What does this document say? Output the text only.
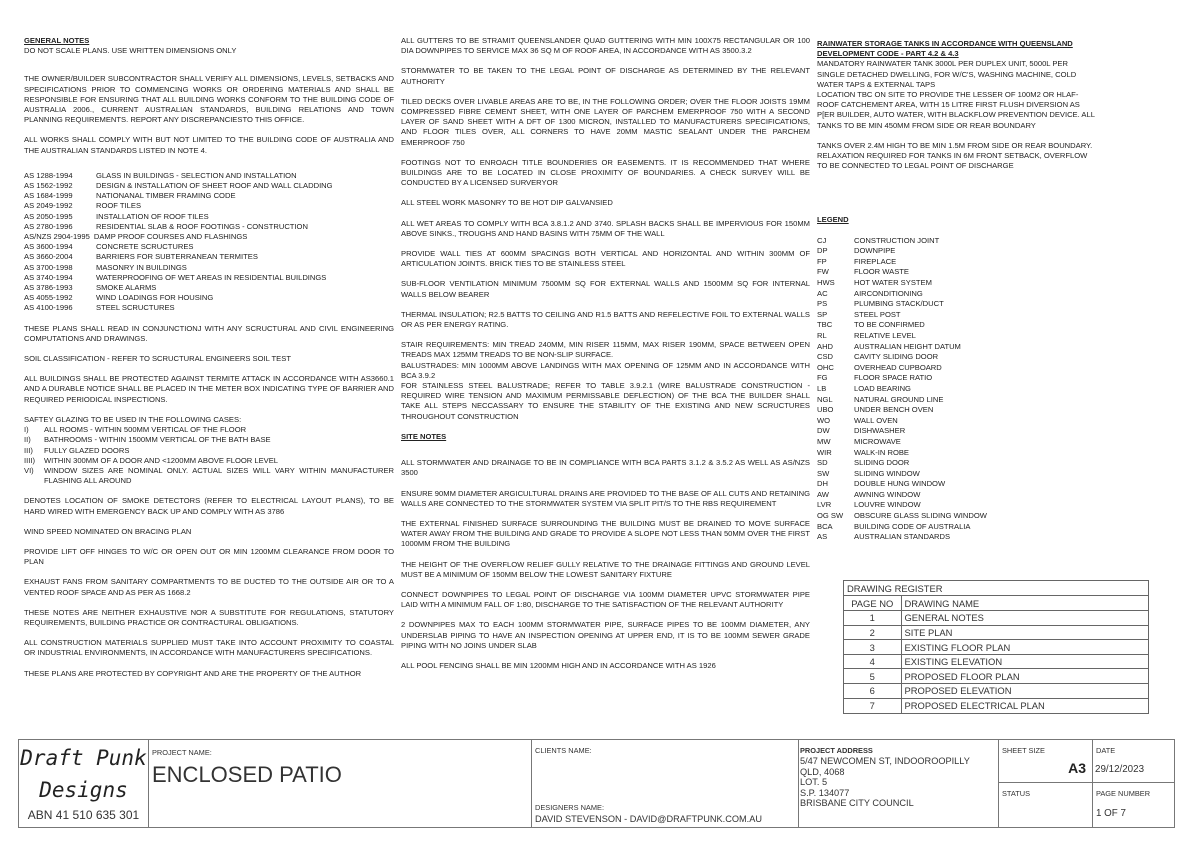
GENERAL NOTES
DO NOT SCALE PLANS. USE WRITTEN DIMENSIONS ONLY
THE OWNER/BUILDER SUBCONTRACTOR SHALL VERIFY ALL DIMENSIONS, LEVELS, SETBACKS AND SPECIFICATIONS PRIOR TO COMMENCING WORKS OR ORDERING MATERIALS AND SHALL BE RESPONSIBLE FOR ENSURING THAT ALL BUILDING WORKS CONFORM TO THE BUILDING CODE OF AUSTRALIA 2006., CURRENT AUSTRALIAN STANDARDS, BUILDING RELATIONS AND TOWN PLANNING REQUIREMENTS. REPORT ANY DISCREPANCIESTO THIS OFFICE.
ALL WORKS SHALL COMPLY WITH BUT NOT LIMITED TO THE BUILDING CODE OF AUSTRALIA AND THE AUSTRALIAN STANDARDS LISTED IN NOTE 4.
AS 1288-1994	GLASS IN BUILDINGS - SELECTION AND INSTALLATION
AS 1562-1992	DESIGN & INSTALLATION OF SHEET ROOF AND WALL CLADDING
AS 1684-1999	NATIONANAL TIMBER FRAMING CODE
AS 2049-1992	ROOF TILES
AS 2050-1995	INSTALLATION OF ROOF TILES
AS 2780-1996	RESIDENTIAL SLAB & ROOF FOOTINGS - CONSTRUCTION
AS/NZS 2904-1995 DAMP PROOF COURSES AND FLASHINGS
AS 3600-1994	CONCRETE SCRUCTURES
AS 3660-2004	BARRIERS FOR SUBTERRANEAN TERMITES
AS 3700-1998	MASONRY IN BUILDINGS
AS 3740-1994	WATERPROOFING OF WET AREAS IN RESIDENTIAL BUILDINGS
AS 3786-1993	SMOKE ALARMS
AS 4055-1992	WIND LOADINGS FOR HOUSING
AS 4100-1996	STEEL SCRUCTURES
THESE PLANS SHALL READ IN CONJUNCTIONJ WITH ANY SCRUCTURAL AND CIVIL ENGINEERING COMPUTATIONS AND DRAWINGS.
SOIL CLASSIFICATION - REFER TO SCRUCTURAL ENGINEERS SOIL TEST
ALL BUILDINGS SHALL BE PROTECTED AGAINST TERMITE ATTACK IN ACCORDANCE WITH AS3660.1 AND A DURABLE NOTICE SHALL BE PLACED IN THE METER BOX INDICATING TYPE OF BARRIER AND REQUIRED PERIODICAL INSPECTIONS.
SAFTEY GLAZING TO BE USED IN THE FOLLOWING CASES:
I)	ALL ROOMS - WITHIN 500MM VERTICAL OF THE FLOOR
II)	BATHROOMS - WITHIN 1500MM VERTICAL OF THE BATH BASE
III)	FULLY GLAZED DOORS
IIII)	WITHIN 300MM OF A DOOR AND <1200MM ABOVE FLOOR LEVEL
VI)	WINDOW SIZES ARE NOMINAL ONLY. ACTUAL SIZES WILL VARY WITHIN MANUFACTURER FLASHING ALL AROUND
DENOTES LOCATION OF SMOKE DETECTORS (REFER TO ELECTRICAL LAYOUT PLANS), TO BE HARD WIRED WITH EMERGENCY BACK UP AND COMPLY WITH AS 3786
WIND SPEED NOMINATED ON BRACING PLAN
PROVIDE LIFT OFF HINGES TO W/C OR OPEN OUT OR MIN 1200MM CLEARANCE FROM DOOR TO PLAN
EXHAUST FANS FROM SANITARY COMPARTMENTS TO BE DUCTED TO THE OUTSIDE AIR OR TO A VENTED ROOF SPACE AND AS PER AS 1668.2
THESE NOTES ARE NEITHER EXHAUSTIVE NOR A SUBSTITUTE FOR REGULATIONS, STATUTORY REQUIREMENTS, BUILDING PRACTICE OR CONTRACTURAL OBLIGATIONS.
ALL CONSTRUCTION MATERIALS SUPPLIED MUST TAKE INTO ACCOUNT PROXIMITY TO COASTAL OR INDUSTRIAL ENVIRONMENTS, IN ACCORDANCE WITH MANUFACTURERS SPECIFICATIONS.
THESE PLANS ARE PROTECTED BY COPYRIGHT AND ARE THE PROPERTY OF THE AUTHOR
ALL GUTTERS TO BE STRAMIT QUEENSLANDER QUAD GUTTERING WITH MIN 100X75 RECTANGULAR OR 100 DIA DOWNPIPES TO SERVICE MAX 36 SQ M OF ROOF AREA, IN ACCORDANCE WITH AS 3500.3.2
STORMWATER TO BE TAKEN TO THE LEGAL POINT OF DISCHARGE AS DETERMINED BY THE RELEVANT AUTHORITY
TILED DECKS OVER LIVABLE AREAS ARE TO BE, IN THE FOLLOWING ORDER; OVER THE FLOOR JOISTS 19MM COMPRESSED FIBRE CEMENT SHEET, WITH ONE LAYER OF PARCHEM EMERPROOF 750 WITH A SECOND LAYER OF SAND SHEET WITH A DFT OF 1300 MICRON, INSTALLED TO MANUFACTURERS SPECIFICATIONS, AND FLOOR TILES OVER, ALL CORNERS TO HAVE 20MM MASTIC SEALANT UNDER THE PARCHEM EMERPROOF 750
FOOTINGS NOT TO ENROACH TITLE BOUNDERIES OR EASEMENTS. IT IS RECOMMENDED THAT WHERE BUILDINGS ARE TO BE LOCATED IN CLOSE PROXIMITY OF BOUNDARIES. A CHECK SURVEY WILL BE CONDUCTED BY A LICENSED SURVERYOR
ALL STEEL WORK MASONRY TO BE HOT DIP GALVANSIED
ALL WET AREAS TO COMPLY WITH BCA 3.8.1.2 AND 3740. SPLASH BACKS SHALL BE IMPERVIOUS FOR 150MM ABOVE SINKS., TROUGHS AND HAND BASINS WITH 75MM OF THE WALL
PROVIDE WALL TIES AT 600MM SPACINGS BOTH VERTICAL AND HORIZONTAL AND WITHIN 300MM OF ARTICULATION JOINTS. BRICK TIES TO BE STAINLESS STEEL
SUB-FLOOR VENTILATION MINIMUM 7500MM SQ FOR EXTERNAL WALLS AND 1500MM SQ FOR INTERNAL WALLS BELOW BEARER
THERMAL INSULATION; R2.5 BATTS TO CEILING AND R1.5 BATTS AND REFELECTIVE FOIL TO EXTERNAL WALLS OR AS PER ENERGY RATING.
STAIR REQUIREMENTS: MIN TREAD 240MM, MIN RISER 115MM, MAX RISER 190MM, SPACE BETWEEN OPEN TREADS MAX 125MM TREADS TO BE NON-SLIP SURFACE.
BALUSTRADES: MIN 1000MM ABOVE LANDINGS WITH MAX OPENING OF 125MM AND IN ACCORDANCE WITH BCA 3.9.2
FOR STAINLESS STEEL BALUSTRADE; REFER TO TABLE 3.9.2.1 (WIRE BALUSTRADE CONSTRUCTION - REQUIRED WIRE TENSION AND MAXIMUM PERMISSABLE DEFLECTION) OF THE BCA THE BUILDER SHALL TAKE ALL STEPS NECCASSARY TO ENSURE THE STABILITY OF THE EXISTING AND NEW SCRUCTURES THROUGHOUT CONSTRUCTION
SITE NOTES
ALL STORMWATER AND DRAINAGE TO BE IN COMPLIANCE WITH BCA PARTS 3.1.2 & 3.5.2 AS WELL AS AS/NZS 3500
ENSURE 90MM DIAMETER ARGICULTURAL DRAINS ARE PROVIDED TO THE BASE OF ALL CUTS AND RETAINING WALLS ARE CONNECTED TO THE STORMWATER SYSTEM VIA SPLIT PIT/S TO THE RBS REQUIREMENT
THE EXTERNAL FINISHED SURFACE SURROUNDING THE BUILDING MUST BE DRAINED TO MOVE SURFACE WATER AWAY FROM THE BUILDING AND GRADE TO PROVIDE A SLOPE NOT LESS THAN 50MM OVER THE FIRST 1000MM FROM THE BUILDING
THE HEIGHT OF THE OVERFLOW RELIEF GULLY RELATIVE TO THE DRAINAGE FITTINGS AND GROUND LEVEL MUST BE A MINIMUM OF 150MM BELOW THE LOWEST SANITARY FIXTURE
CONNECT DOWNPIPES TO LEGAL POINT OF DISCHARGE VIA 100MM DIAMETER UPVC STORMWATER PIPE LAID WITH A MINIMUM FALL OF 1:80, DISCHARGE TO THE SATISFACTION OF THE RELEVANT AUTHORITY
2 DOWNPIPES MAX TO EACH 100MM STORMWATER PIPE, SURFACE PIPES TO BE 100MM DIAMETER, ANY UNDERSLAB PIPING TO HAVE AN INSPECTION OPENING AT UPPER END, IT IS TO BE 100MM SEWER GRADE PIPING WITH NO JOINS UNDER SLAB
ALL POOL FENCING SHALL BE MIN 1200MM HIGH AND IN ACCORDANCE WITH AS 1926
RAINWATER STORAGE TANKS IN ACCORDANCE WITH QUEENSLAND DEVELOPMENT CODE - PART 4.2 & 4.3
MANDATORY RAINWATER TANK 3000L PER DUPLEX UNIT, 5000L PER SINGLE DETACHED DWELLING, FOR W/C'S, WASHING MACHINE, COLD WATER TAPS & EXTERNAL TAPS
LOCATION TBC ON SITE TO PROVIDE THE LESSER OF 100M2 OR HLAF-ROOF CATCHEMENT AREA, WITH 15 LITRE FIRST FLUSH DIVERSION AS P[ER BUILDER, AUTO WATER, WITH BLACKFLOW PREVENTION DEVICE. ALL TANKS TO BE MIN 450MM FROM SIDE OR REAR BOUNDARY
TANKS OVER 2.4M HIGH TO BE MIN 1.5M FROM SIDE OR REAR BOUNDARY. RELAXATION REQUIRED FOR TANKS IN 6M FRONT SETBACK, OVERFLOW TO BE CONNECTED TO LEGAL POINT OF DISCHARGE
LEGEND
CJ	CONSTRUCTION JOINT
DP	DOWNPIPE
FP	FIREPLACE
FW	FLOOR WASTE
HWS	HOT WATER SYSTEM
AC	AIRCONDITIONING
PS	PLUMBING STACK/DUCT
SP	STEEL POST
TBC	TO BE CONFIRMED
RL	RELATIVE LEVEL
AHD	AUSTRALIAN HEIGHT DATUM
CSD	CAVITY SLIDING DOOR
OHC	OVERHEAD CUPBOARD
FG	FLOOR SPACE RATIO
LB	LOAD BEARING
NGL	NATURAL GROUND LINE
UBO	UNDER BENCH OVEN
WO	WALL OVEN
DW	DISHWASHER
MW	MICROWAVE
WIR	WALK-IN ROBE
SD	SLIDING DOOR
SW	SLIDING WINDOW
DH	DOUBLE HUNG WINDOW
AW	AWNING WINDOW
LVR	LOUVRE WINDOW
OG SW	OBSCURE GLASS SLIDING WINDOW
BCA	BUILDING CODE OF AUSTRALIA
AS	AUSTRALIAN STANDARDS
DRAWING REGISTER
PAGE NO	DRAWING NAME
1	GENERAL NOTES
2	SITE PLAN
3	EXISTING FLOOR PLAN
4	EXISTING ELEVATION
5	PROPOSED FLOOR PLAN
6	PROPOSED ELEVATION
7	PROPOSED ELECTRICAL PLAN
Draft Punk
Designs
ABN 41 510 635 301
PROJECT NAME:
ENCLOSED PATIO
CLIENTS NAME:
DESIGNERS NAME:
DAVID STEVENSON - DAVID@DRAFTPUNK.COM.AU
PROJECT ADDRESS
5/47 NEWCOMEN ST, INDOOROOPILLY
QLD, 4068
LOT. 5
S.P. 134077
BRISBANE CITY COUNCIL
SHEET SIZE
A3
STATUS
DATE
29/12/2023
PAGE NUMBER
1 OF 7
